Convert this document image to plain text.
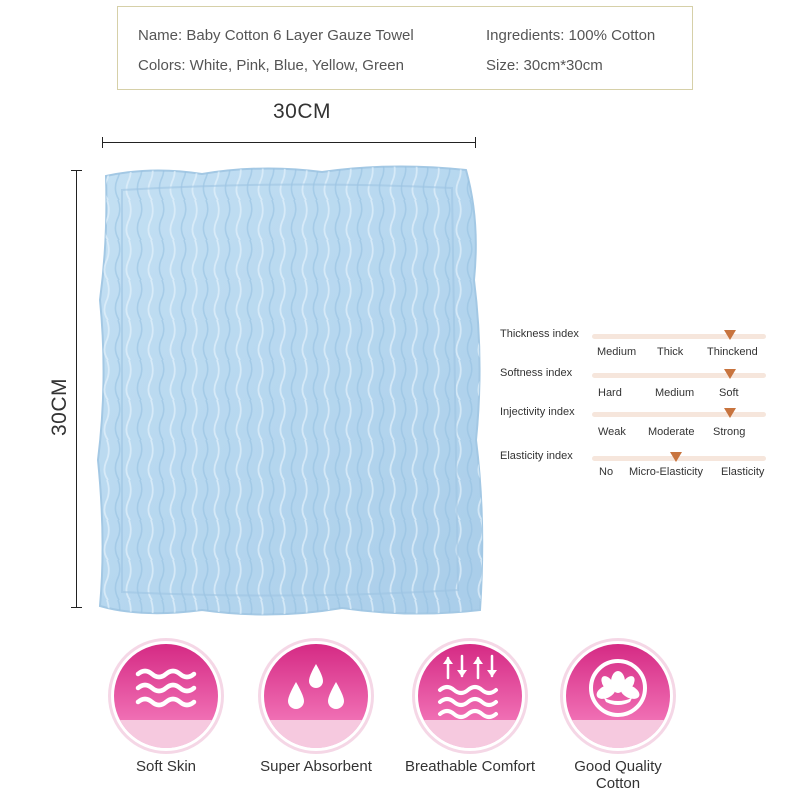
Name: Baby Cotton 6 Layer Gauze Towel	Ingredients: 100% Cotton
Colors: White, Pink, Blue, Yellow, Green	Size: 30cm*30cm
30CM
30CM
Thickness index
Medium Thick Thinckend
Softness index
Hard	Medium Soft
Injectivity index
Weak Moderate Strong
Elasticity index
No Micro-Elasticity Elasticity
Soft Skin	Super Absorbent	Breathable Comfort	Good Quality
Cotton
